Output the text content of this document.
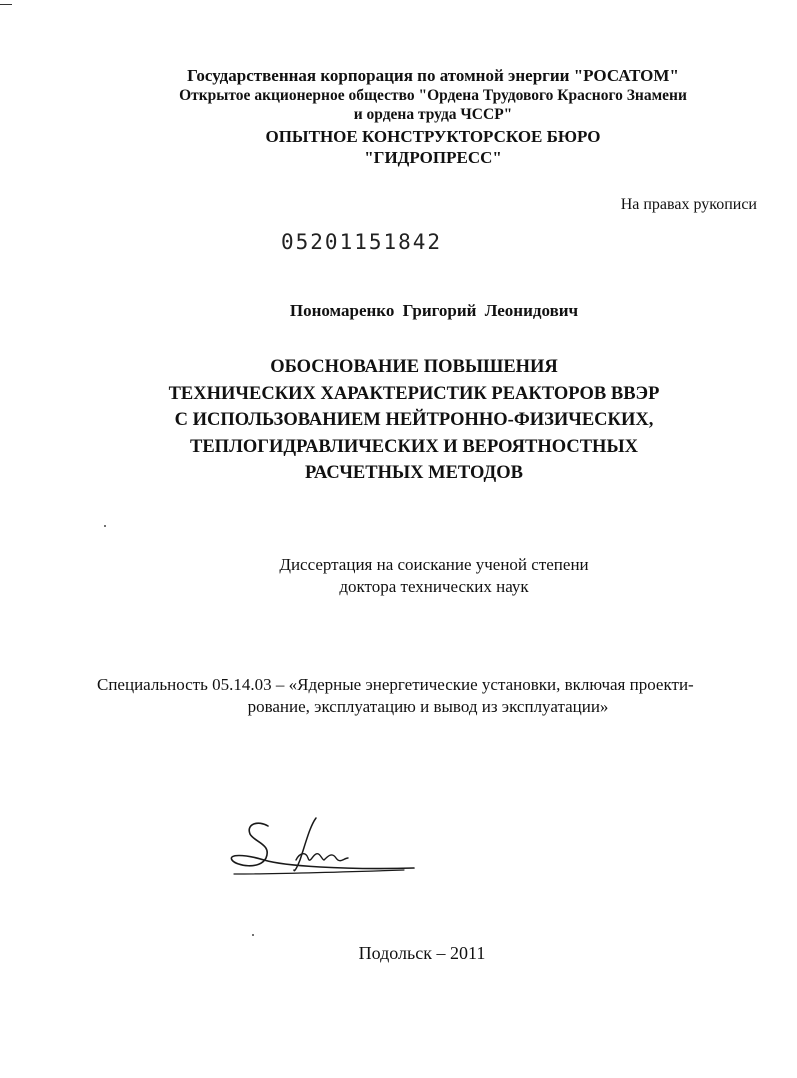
Государственная корпорация по атомной энергии "РОСАТОМ"
Открытое акционерное общество "Ордена Трудового Красного Знамени
и ордена труда ЧССР"
ОПЫТНОЕ КОНСТРУКТОРСКОЕ БЮРО
"ГИДРОПРЕСС"
На правах рукописи
05201151842
Пономаренко Григорий Леонидович
ОБОСНОВАНИЕ ПОВЫШЕНИЯ
ТЕХНИЧЕСКИХ ХАРАКТЕРИСТИК РЕАКТОРОВ ВВЭР
С ИСПОЛЬЗОВАНИЕМ НЕЙТРОННО-ФИЗИЧЕСКИХ,
ТЕПЛОГИДРАВЛИЧЕСКИХ И ВЕРОЯТНОСТНЫХ
РАСЧЕТНЫХ МЕТОДОВ
Диссертация на соискание ученой степени
доктора технических наук
Специальность 05.14.03 – «Ядерные энергетические установки, включая проекти-
рование, эксплуатацию и вывод из эксплуатации»
Подольск – 2011
